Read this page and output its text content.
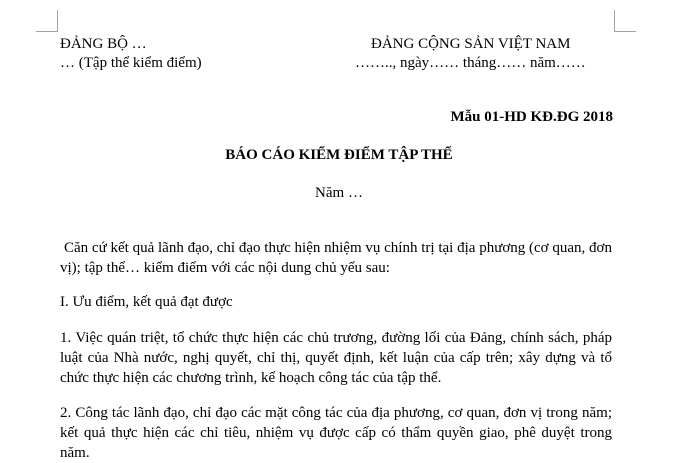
ĐẢNG BỘ …
… (Tập thể kiểm điểm)
ĐẢNG CỘNG SẢN VIỆT NAM
…….., ngày…… tháng…… năm……
Mẫu 01-HD KĐ.ĐG 2018
BÁO CÁO KIỂM ĐIỂM TẬP THỂ
Năm …
Căn cứ kết quả lãnh đạo, chỉ đạo thực hiện nhiệm vụ chính trị tại địa phương (cơ quan, đơn vị); tập thể… kiểm điểm với các nội dung chủ yếu sau:
I. Ưu điểm, kết quả đạt được
1. Việc quán triệt, tổ chức thực hiện các chủ trương, đường lối của Đảng, chính sách, pháp luật của Nhà nước, nghị quyết, chỉ thị, quyết định, kết luận của cấp trên; xây dựng và tổ chức thực hiện các chương trình, kế hoạch công tác của tập thể.
2. Công tác lãnh đạo, chỉ đạo các mặt công tác của địa phương, cơ quan, đơn vị trong năm; kết quả thực hiện các chỉ tiêu, nhiệm vụ được cấp có thẩm quyền giao, phê duyệt trong năm.
